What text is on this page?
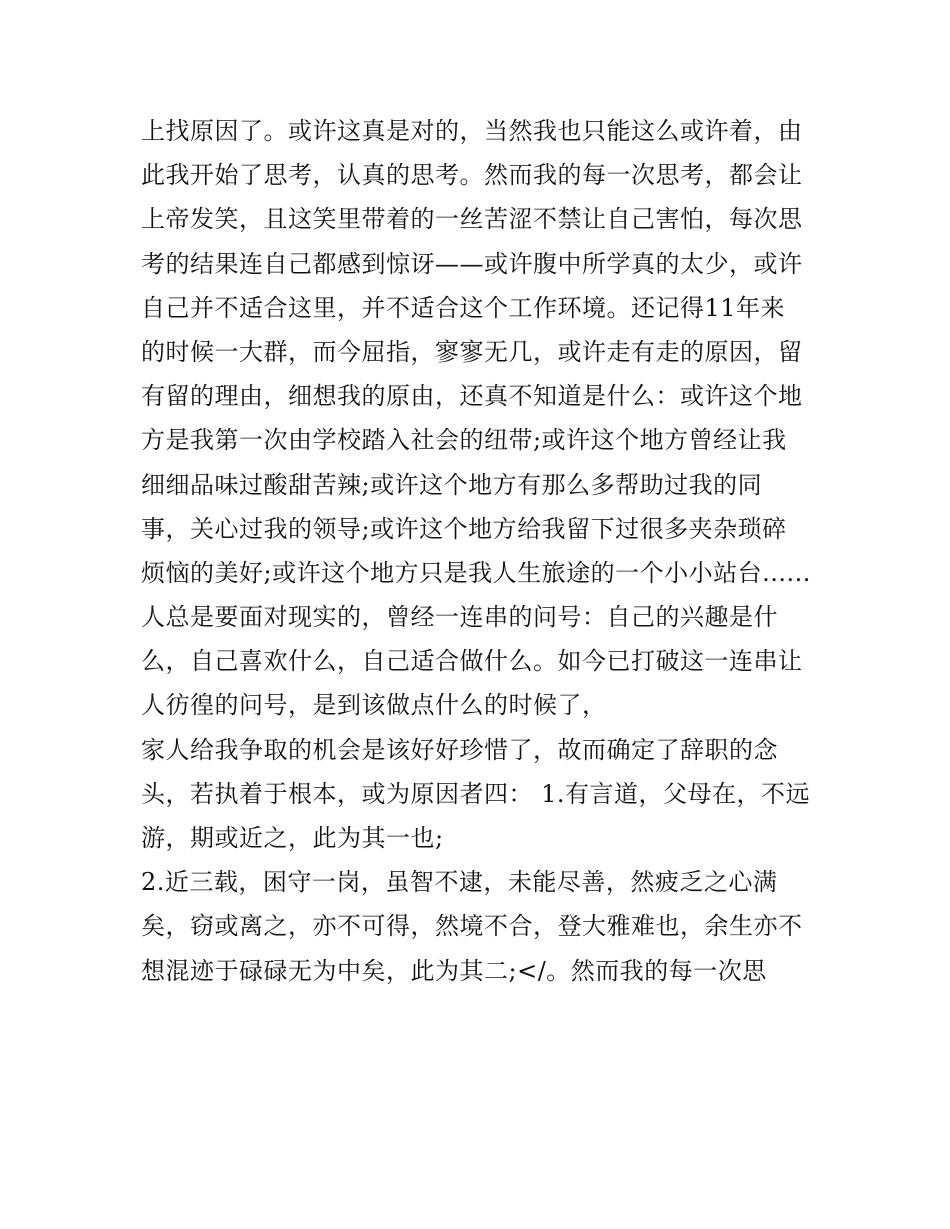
上找原因了。或许这真是对的，当然我也只能这么或许着，由
此我开始了思考，认真的思考。然而我的每一次思考，都会让
上帝发笑，且这笑里带着的一丝苦涩不禁让自己害怕，每次思
考的结果连自己都感到惊讶——或许腹中所学真的太少，或许
自己并不适合这里，并不适合这个工作环境。还记得11年来
的时候一大群，而今屈指，寥寥无几，或许走有走的原因，留
有留的理由，细想我的原由，还真不知道是什么：或许这个地
方是我第一次由学校踏入社会的纽带;或许这个地方曾经让我
细细品味过酸甜苦辣;或许这个地方有那么多帮助过我的同
事，关心过我的领导;或许这个地方给我留下过很多夹杂琐碎
烦恼的美好;或许这个地方只是我人生旅途的一个小小站台......
人总是要面对现实的，曾经一连串的问号：自己的兴趣是什
么，自己喜欢什么，自己适合做什么。如今已打破这一连串让
人彷徨的问号，是到该做点什么的时候了，
家人给我争取的机会是该好好珍惜了，故而确定了辞职的念
头，若执着于根本，或为原因者四： 1.有言道，父母在，不远
游，期或近之，此为其一也;
2.近三载，困守一岗，虽智不逮，未能尽善，然疲乏之心满
矣，窃或离之，亦不可得，然境不合，登大雅难也，余生亦不
想混迹于碌碌无为中矣，此为其二;</。然而我的每一次思
